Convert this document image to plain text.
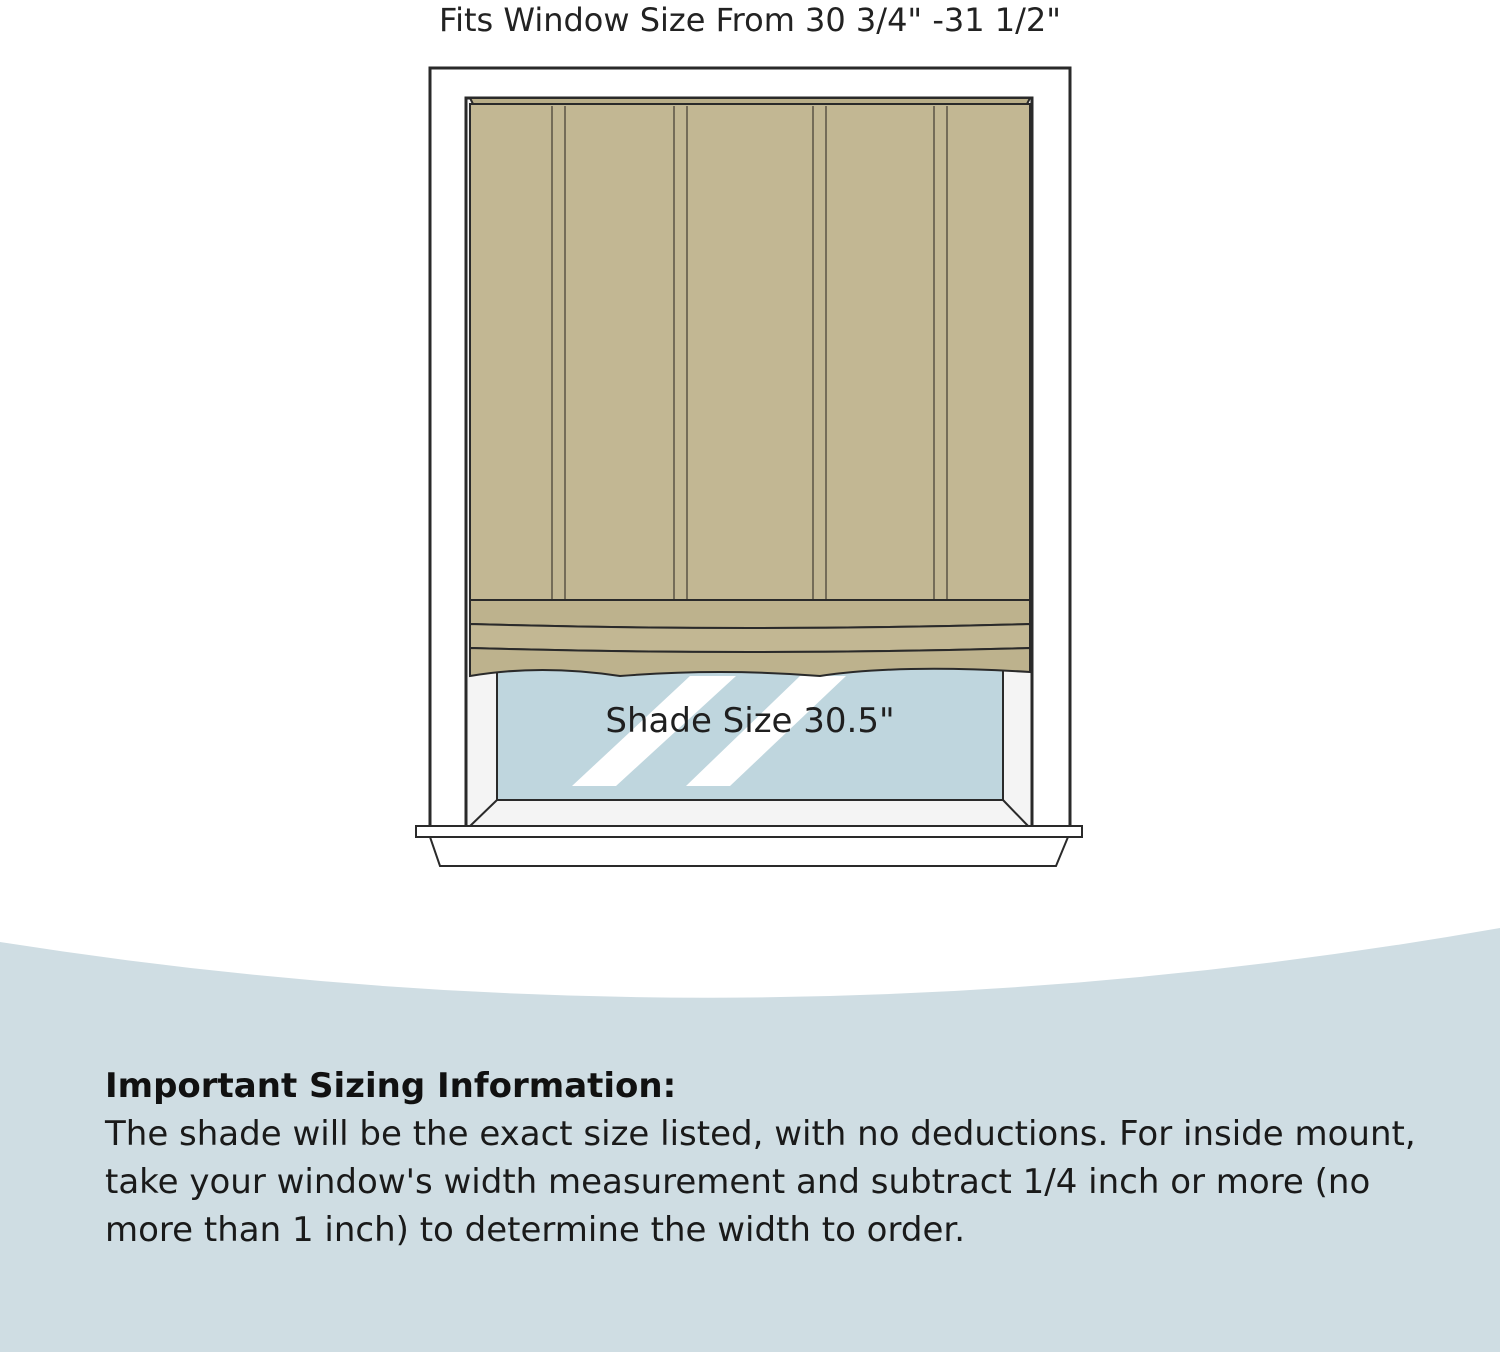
Shade Size 30.5"
Fits Window Size From 30 3/4" -31 1/2"

Important Sizing Information:

The shade will be the exact size listed, with no deductions. For inside mount, take your window's width measurement and subtract 1/4 inch or more (no more than 1 inch) to determine the width to order.
